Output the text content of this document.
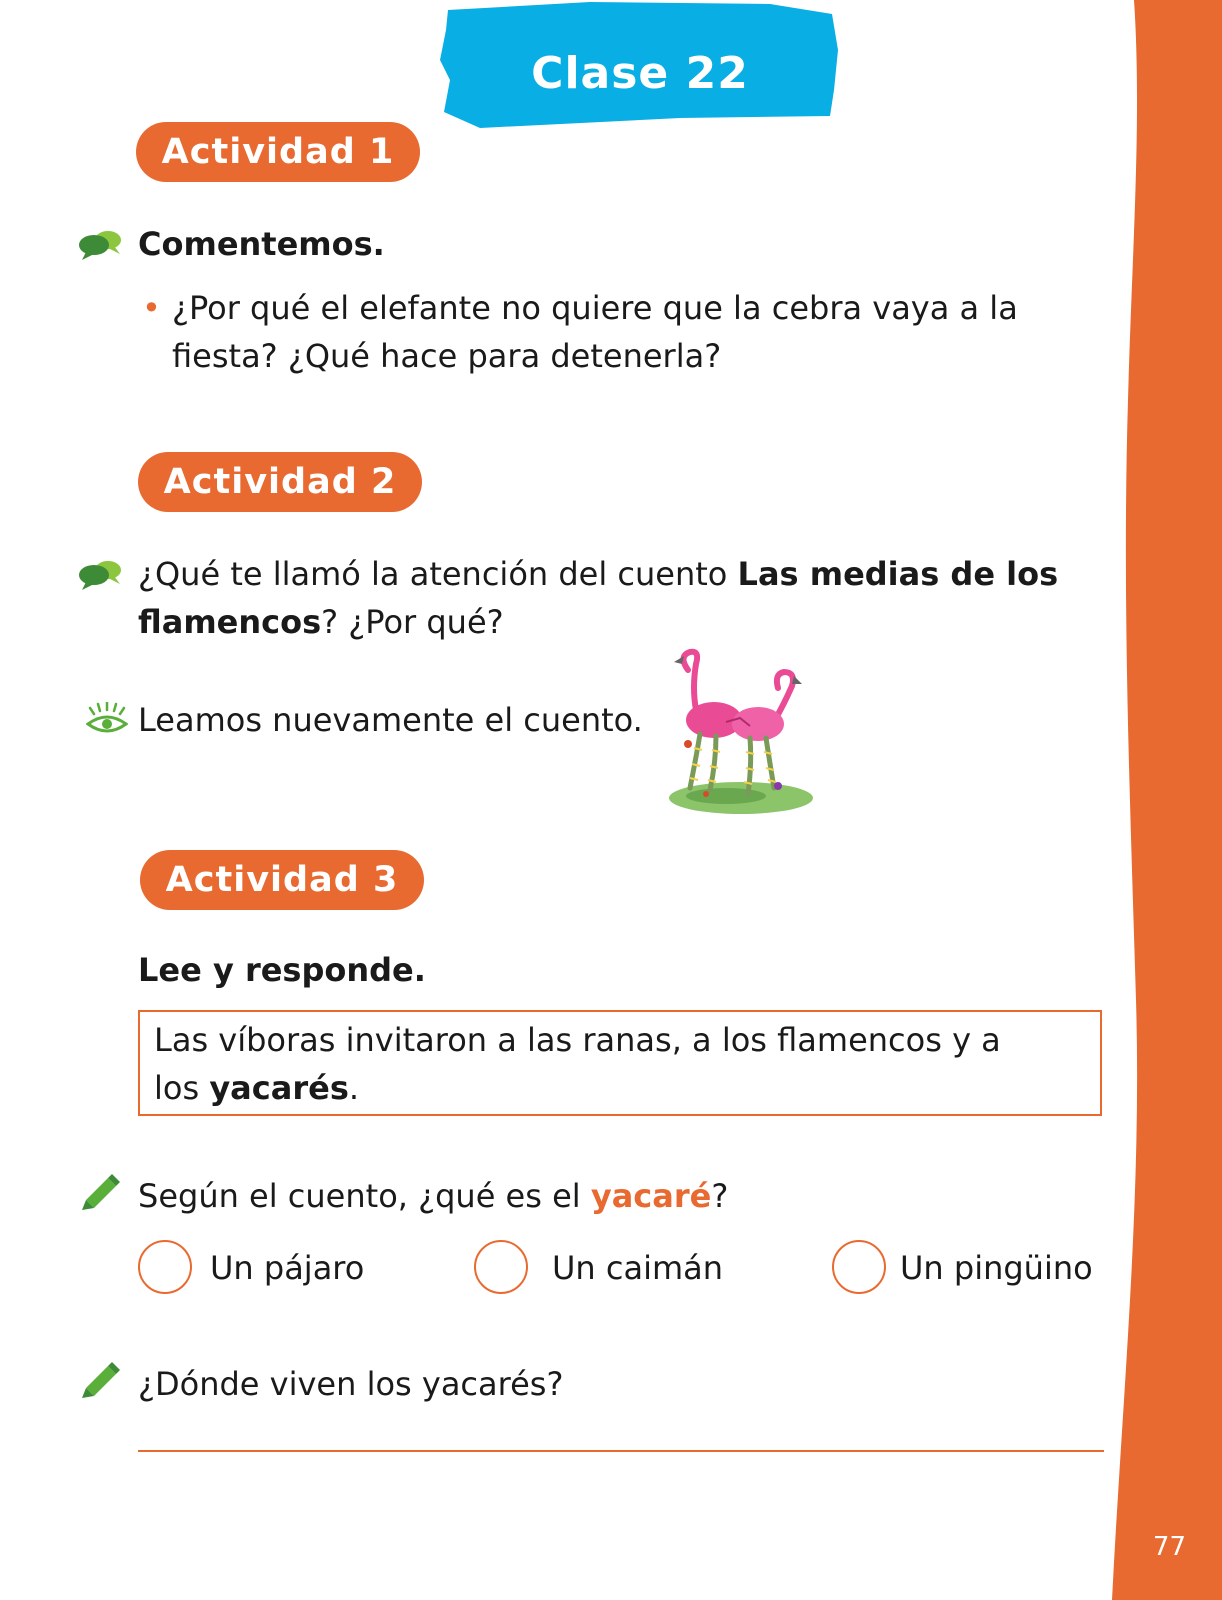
77
Clase 22
Actividad 1
Comentemos.
• ¿Por qué el elefante no quiere que la cebra vaya a la
fiesta? ¿Qué hace para detenerla?
Actividad 2
¿Qué te llamó la atención del cuento Las medias de los
flamencos? ¿Por qué?
Leamos nuevamente el cuento.
Actividad 3
Lee y responde.
Las víboras invitaron a las ranas, a los flamencos y a
los yacarés.
Según el cuento, ¿qué es el yacaré?
Un pájaro	Un caimán	Un pingüino
¿Dónde viven los yacarés?
